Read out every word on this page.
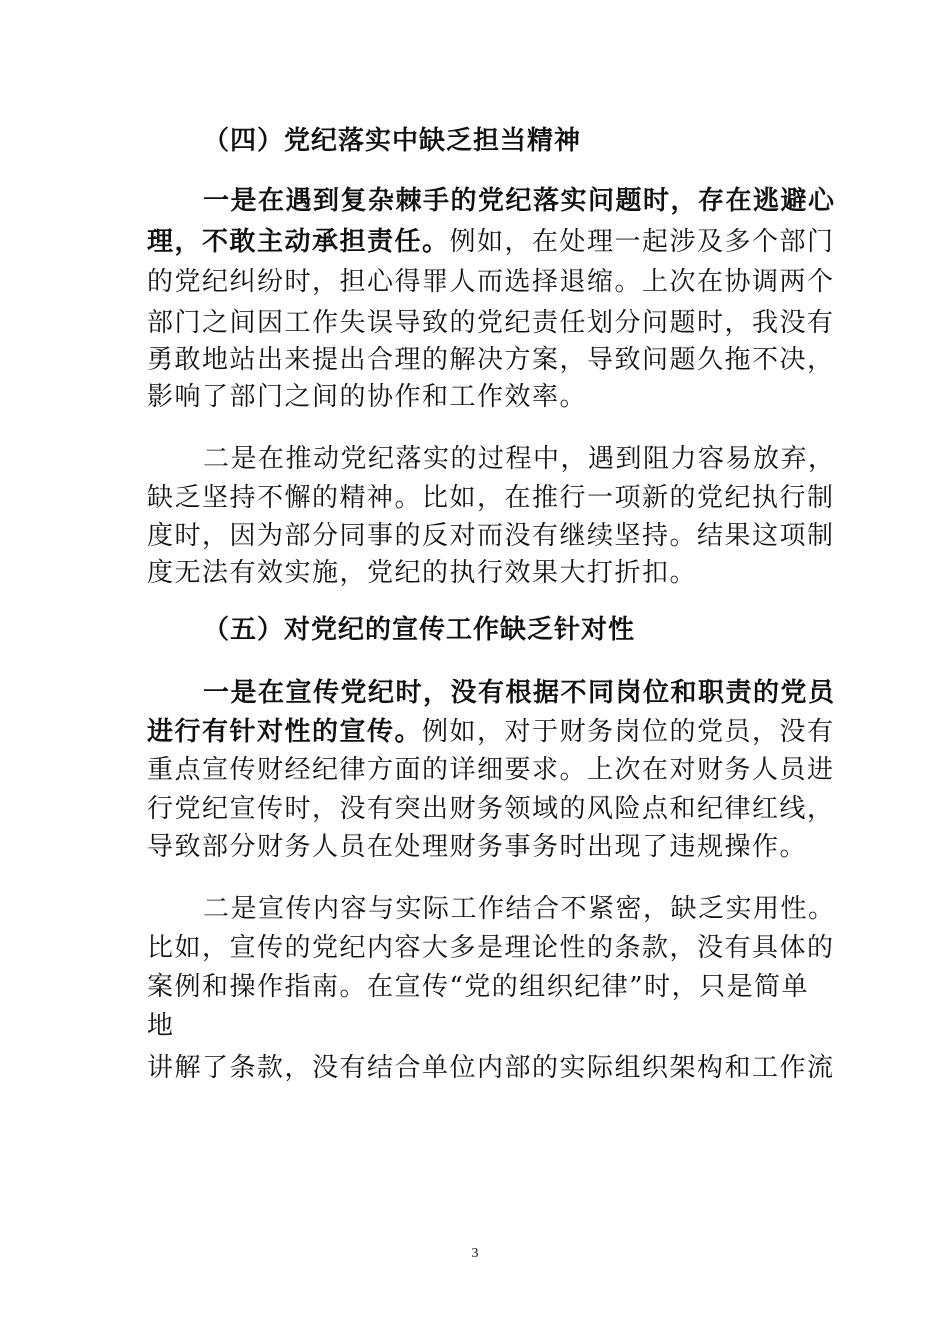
（四）党纪落实中缺乏担当精神
一是在遇到复杂棘手的党纪落实问题时，存在逃避心
理，不敢主动承担责任。例如，在处理一起涉及多个部门
的党纪纠纷时，担心得罪人而选择退缩。上次在协调两个
部门之间因工作失误导致的党纪责任划分问题时，我没有
勇敢地站出来提出合理的解决方案，导致问题久拖不决，
影响了部门之间的协作和工作效率。
二是在推动党纪落实的过程中，遇到阻力容易放弃，
缺乏坚持不懈的精神。比如，在推行一项新的党纪执行制
度时，因为部分同事的反对而没有继续坚持。结果这项制
度无法有效实施，党纪的执行效果大打折扣。
（五）对党纪的宣传工作缺乏针对性
一是在宣传党纪时，没有根据不同岗位和职责的党员
进行有针对性的宣传。例如，对于财务岗位的党员，没有
重点宣传财经纪律方面的详细要求。上次在对财务人员进
行党纪宣传时，没有突出财务领域的风险点和纪律红线，
导致部分财务人员在处理财务事务时出现了违规操作。
二是宣传内容与实际工作结合不紧密，缺乏实用性。
比如，宣传的党纪内容大多是理论性的条款，没有具体的
案例和操作指南。在宣传“党的组织纪律”时，只是简单
地
讲解了条款，没有结合单位内部的实际组织架构和工作流
3
